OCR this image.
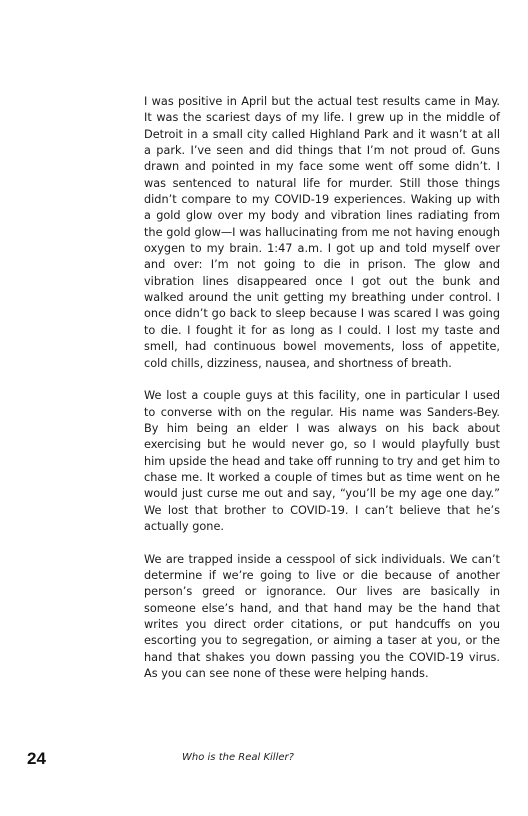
I was positive in April but the actual test results came in May. It was the scariest days of my life. I grew up in the middle of Detroit in a small city called Highland Park and it wasn’t at all a park. I’ve seen and did things that I’m not proud of. Guns drawn and pointed in my face some went off some didn’t. I was sentenced to natural life for murder. Still those things didn’t compare to my COVID-19 experiences. Waking up with a gold glow over my body and vibration lines radiating from the gold glow—I was hallucinating from me not having enough oxygen to my brain. 1:47 a.m. I got up and told myself over and over: I’m not going to die in prison. The glow and vibration lines disappeared once I got out the bunk and walked around the unit getting my breathing under control. I once didn’t go back to sleep because I was scared I was going to die. I fought it for as long as I could. I lost my taste and smell, had continuous bowel movements, loss of appetite, cold chills, dizziness, nausea, and shortness of breath.

We lost a couple guys at this facility, one in particular I used to converse with on the regular. His name was Sanders-Bey. By him being an elder I was always on his back about exercising but he would never go, so I would playfully bust him upside the head and take off running to try and get him to chase me. It worked a couple of times but as time went on he would just curse me out and say, “you’ll be my age one day.” We lost that brother to COVID-19. I can’t believe that he’s actually gone.

We are trapped inside a cesspool of sick individuals. We can’t determine if we’re going to live or die because of another person’s greed or ignorance. Our lives are basically in someone else’s hand, and that hand may be the hand that writes you direct order citations, or put handcuffs on you escorting you to segregation, or aiming a taser at you, or the hand that shakes you down passing you the COVID-19 virus. As you can see none of these were helping hands.

24	Who is the Real Killer?
